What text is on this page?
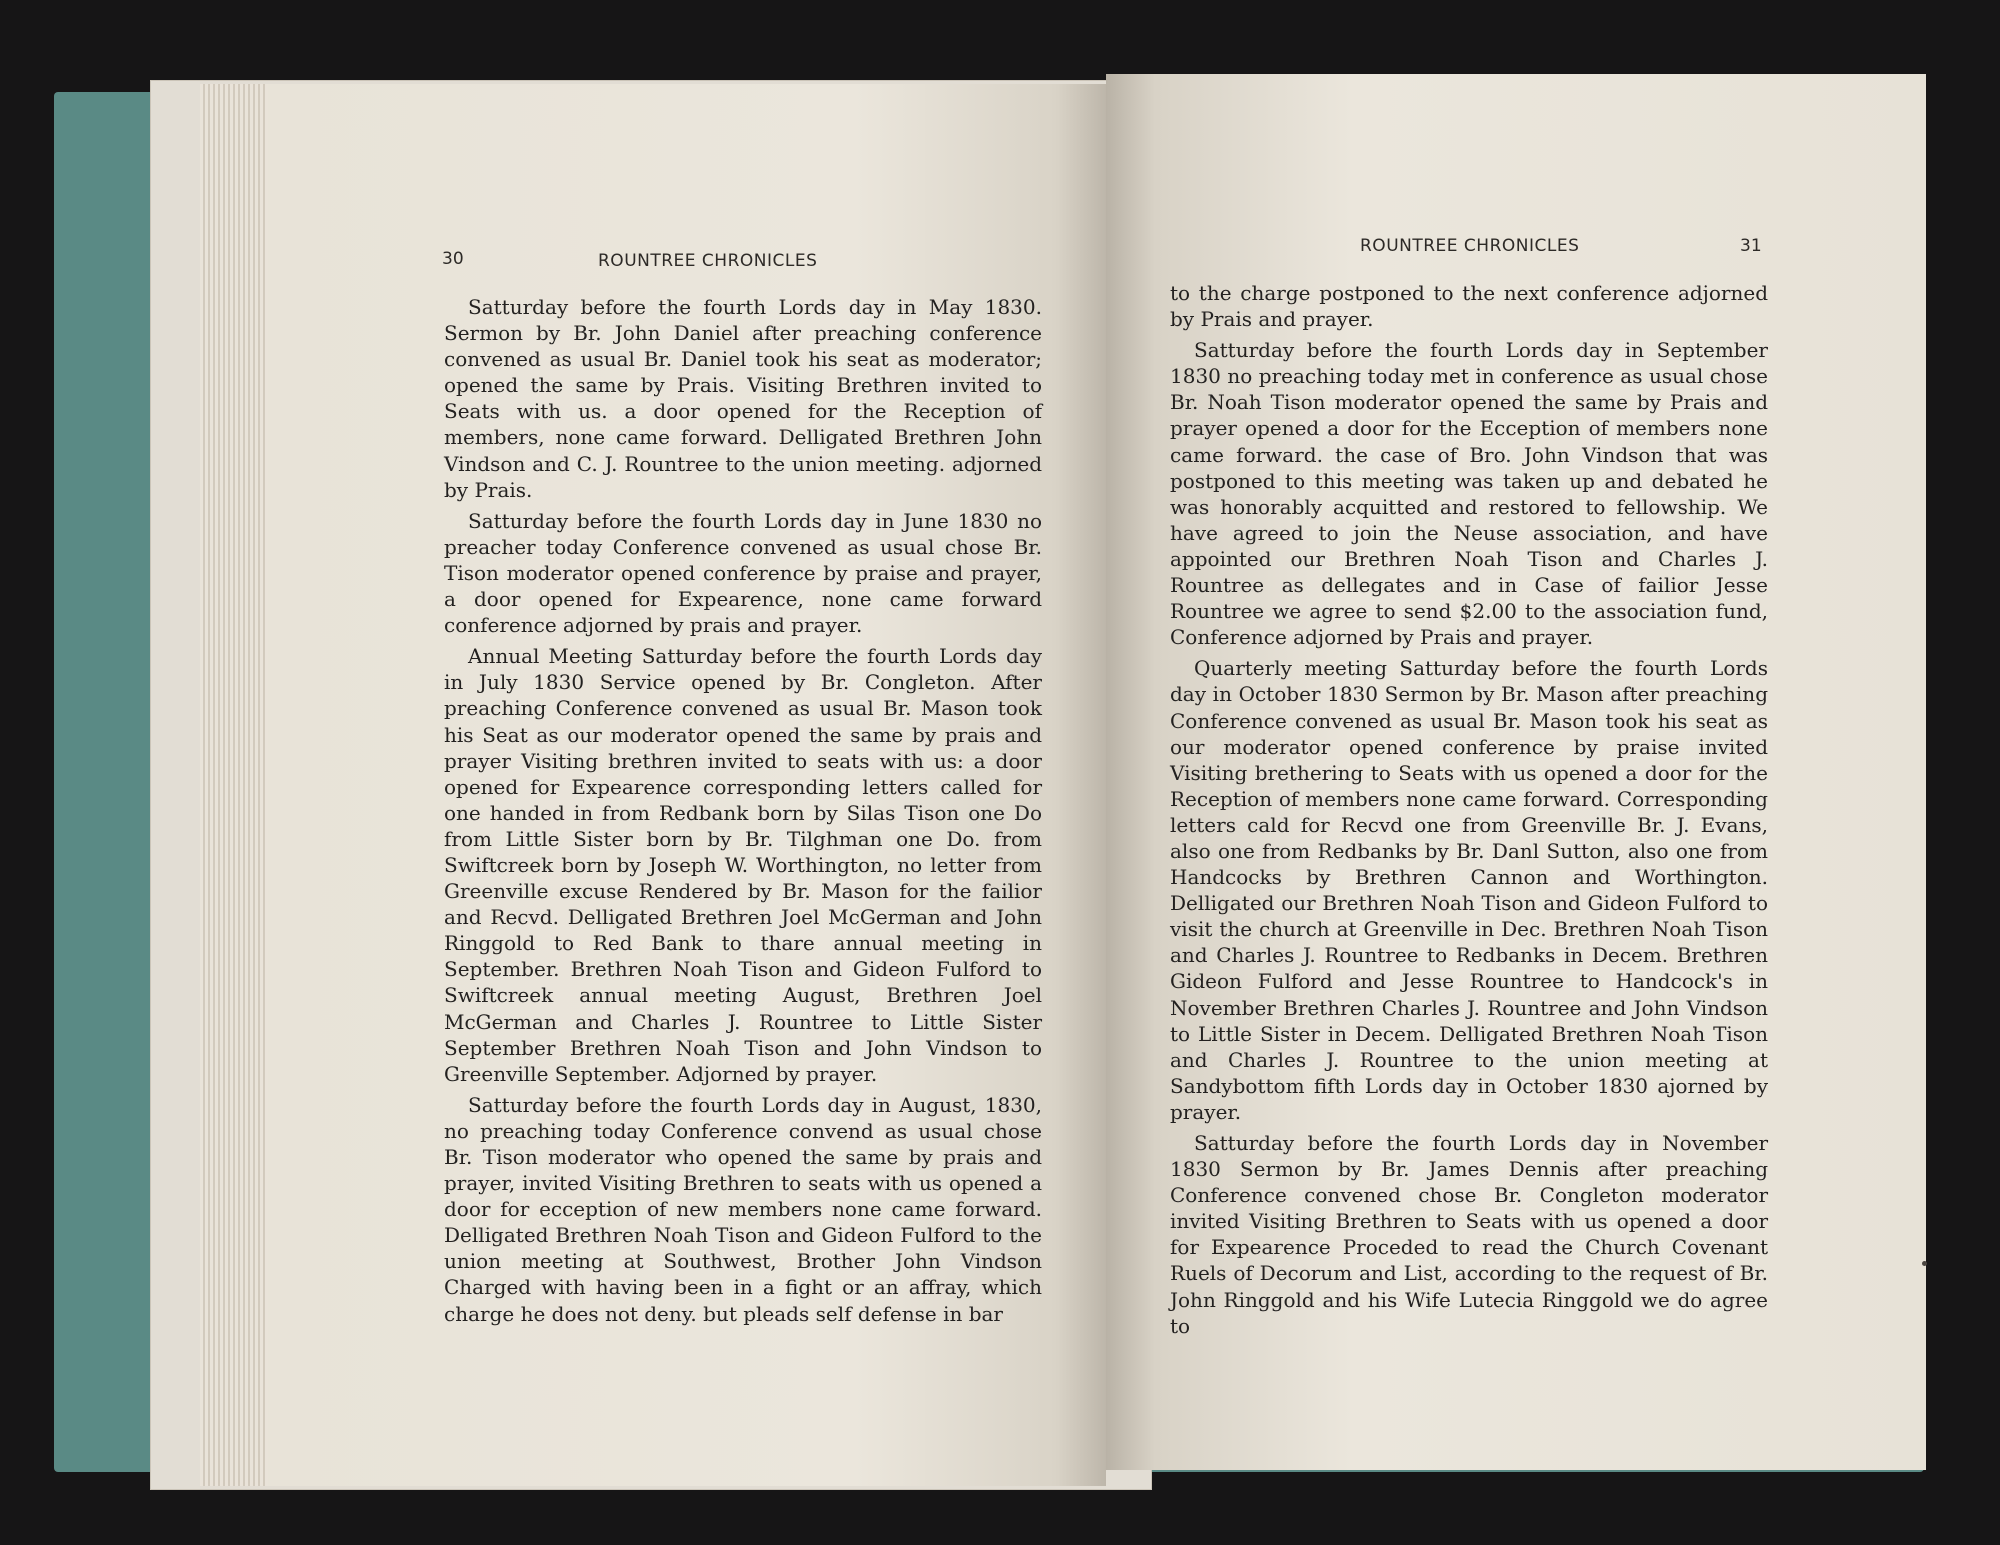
30	ROUNTREE CHRONICLES

Satturday before the fourth Lords day in May 1830. Sermon by Br. John Daniel after preaching conference convened as usual Br. Daniel took his seat as moderator; opened the same by Prais. Visiting Brethren invited to Seats with us. a door opened for the Reception of members, none came forward. Delligated Brethren John Vindson and C. J. Rountree to the union meeting. adjorned by Prais.

Satturday before the fourth Lords day in June 1830 no preacher today Conference convened as usual chose Br. Tison moderator opened conference by praise and prayer, a door opened for Expearence, none came forward conference adjorned by prais and prayer.

Annual Meeting Satturday before the fourth Lords day in July 1830 Service opened by Br. Congleton. After preaching Conference convened as usual Br. Mason took his Seat as our moderator opened the same by prais and prayer Visiting brethren invited to seats with us: a door opened for Expearence corresponding letters called for one handed in from Redbank born by Silas Tison one Do from Little Sister born by Br. Tilghman one Do. from Swiftcreek born by Joseph W. Worthington, no letter from Greenville excuse Rendered by Br. Mason for the failior and Recvd. Delligated Brethren Joel McGerman and John Ringgold to Red Bank to thare annual meeting in September. Brethren Noah Tison and Gideon Fulford to Swiftcreek annual meeting August, Brethren Joel McGerman and Charles J. Rountree to Little Sister September Brethren Noah Tison and John Vindson to Greenville September. Adjorned by prayer.

Satturday before the fourth Lords day in August, 1830, no preaching today Conference convend as usual chose Br. Tison moderator who opened the same by prais and prayer, invited Visiting Brethren to seats with us opened a door for ecception of new members none came forward. Delligated Brethren Noah Tison and Gideon Fulford to the union meeting at Southwest, Brother John Vindson Charged with having been in a fight or an affray, which charge he does not deny. but pleads self defense in bar

ROUNTREE CHRONICLES	31

to the charge postponed to the next conference adjorned by Prais and prayer.

Satturday before the fourth Lords day in September 1830 no preaching today met in conference as usual chose Br. Noah Tison moderator opened the same by Prais and prayer opened a door for the Ecception of members none came forward. the case of Bro. John Vindson that was postponed to this meeting was taken up and debated he was honorably acquitted and restored to fellowship. We have agreed to join the Neuse association, and have appointed our Brethren Noah Tison and Charles J. Rountree as dellegates and in Case of failior Jesse Rountree we agree to send $2.00 to the association fund, Conference adjorned by Prais and prayer.

Quarterly meeting Satturday before the fourth Lords day in October 1830 Sermon by Br. Mason after preaching Conference convened as usual Br. Mason took his seat as our moderator opened conference by praise invited Visiting brethering to Seats with us opened a door for the Reception of members none came forward. Corresponding letters cald for Recvd one from Greenville Br. J. Evans, also one from Redbanks by Br. Danl Sutton, also one from Handcocks by Brethren Cannon and Worthington. Delligated our Brethren Noah Tison and Gideon Fulford to visit the church at Greenville in Dec. Brethren Noah Tison and Charles J. Rountree to Redbanks in Decem. Brethren Gideon Fulford and Jesse Rountree to Handcock's in November Brethren Charles J. Rountree and John Vindson to Little Sister in Decem. Delligated Brethren Noah Tison and Charles J. Rountree to the union meeting at Sandybottom fifth Lords day in October 1830 ajorned by prayer.

Satturday before the fourth Lords day in November 1830 Sermon by Br. James Dennis after preaching Conference convened chose Br. Congleton moderator invited Visiting Brethren to Seats with us opened a door for Expearence Proceded to read the Church Covenant Ruels of Decorum and List, according to the request of Br. John Ringgold and his Wife Lutecia Ringgold we do agree to
